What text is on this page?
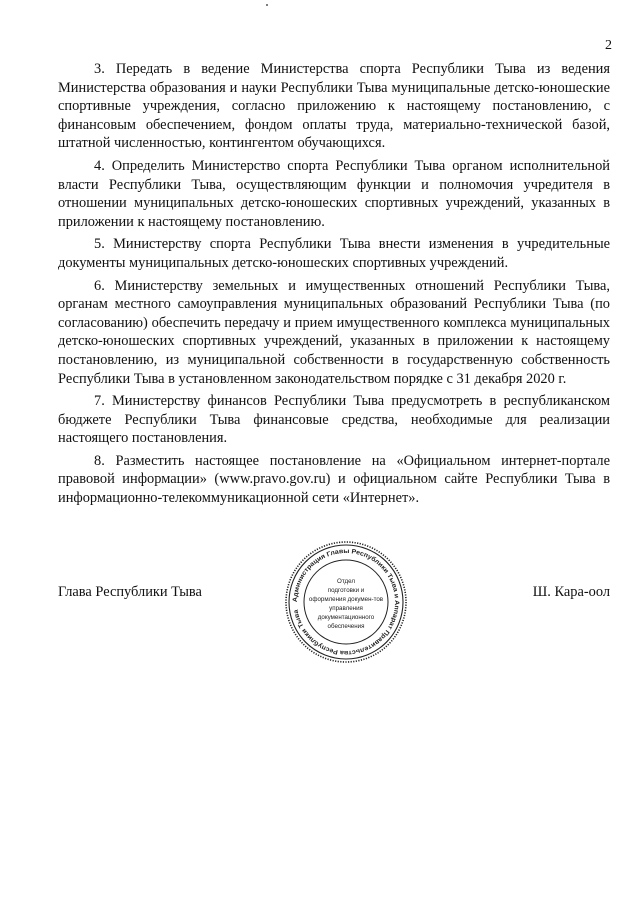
2

3. Передать в ведение Министерства спорта Республики Тыва из ведения Министерства образования и науки Республики Тыва муниципальные детско-юношеские спортивные учреждения, согласно приложению к настоящему постановлению, с финансовым обеспечением, фондом оплаты труда, материально-технической базой, штатной численностью, контингентом обучающихся.

4. Определить Министерство спорта Республики Тыва органом исполнительной власти Республики Тыва, осуществляющим функции и полномочия учредителя в отношении муниципальных детско-юношеских спортивных учреждений, указанных в приложении к настоящему постановлению.

5. Министерству спорта Республики Тыва внести изменения в учредительные документы муниципальных детско-юношеских спортивных учреждений.

6. Министерству земельных и имущественных отношений Республики Тыва, органам местного самоуправления муниципальных образований Республики Тыва (по согласованию) обеспечить передачу и прием имущественного комплекса муниципальных детско-юношеских спортивных учреждений, указанных в приложении к настоящему постановлению, из муниципальной собственности в государственную собственность Республики Тыва в установленном законодательством порядке с 31 декабря 2020 г.

7. Министерству финансов Республики Тыва предусмотреть в республиканском бюджете Республики Тыва финансовые средства, необходимые для реализации настоящего постановления.

8. Разместить настоящее постановление на «Официальном интернет-портале правовой информации» (www.pravo.gov.ru) и официальном сайте Республики Тыва в информационно-телекоммуникационной сети «Интернет».

Глава Республики Тыва	Ш. Кара-оол
Администрация Главы Республики Тыва и Аппарат Правительства Республики Тыва
Отдел
подготовки и
оформления докумен-тов
управления
документационного
обеспечения
